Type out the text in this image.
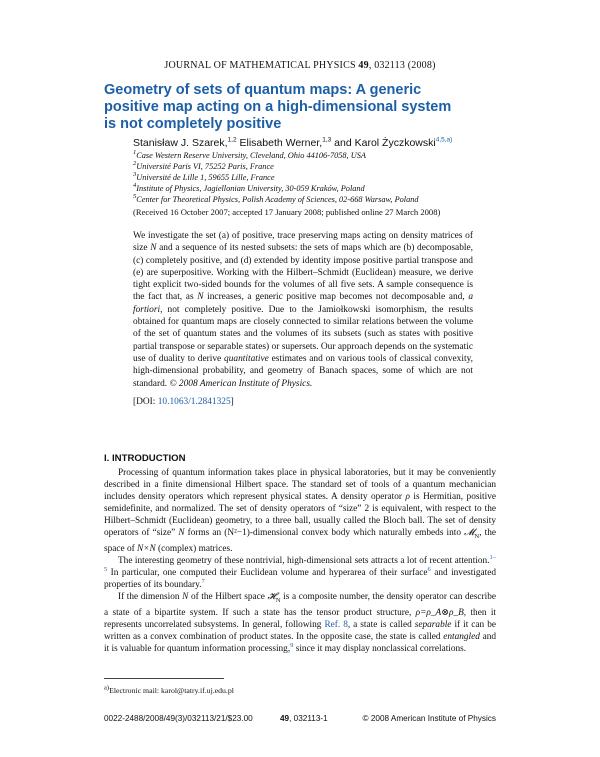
JOURNAL OF MATHEMATICAL PHYSICS 49, 032113 (2008)
Geometry of sets of quantum maps: A generic positive map acting on a high-dimensional system is not completely positive
Stanisław J. Szarek,$^{1,2}$ Elisabeth Werner,$^{1,3}$ and Karol Życzkowski$^{4,5,a)}$
$^1$Case Western Reserve University, Cleveland, Ohio 44106-7058, USA
$^2$Université Paris VI, 75252 Paris, France
$^3$Université de Lille 1, 59655 Lille, France
$^4$Institute of Physics, Jagiellonian University, 30-059 Kraków, Poland
$^5$Center for Theoretical Physics, Polish Academy of Sciences, 02-668 Warsaw, Poland
(Received 16 October 2007; accepted 17 January 2008; published online 27 March 2008)
We investigate the set (a) of positive, trace preserving maps acting on density matrices of size N and a sequence of its nested subsets: the sets of maps which are (b) decomposable, (c) completely positive, and (d) extended by identity impose positive partial transpose and (e) are superpositive. Working with the Hilbert–Schmidt (Euclidean) measure, we derive tight explicit two-sided bounds for the volumes of all five sets. A sample consequence is the fact that, as N increases, a generic positive map becomes not decomposable and, a fortiori, not completely positive. Due to the Jamiołkowski isomorphism, the results obtained for quantum maps are closely connected to similar relations between the volume of the set of quantum states and the volumes of its subsets (such as states with positive partial transpose or separable states) or supersets. Our approach depends on the systematic use of duality to derive quantitative estimates and on various tools of classical convexity, high-dimensional probability, and geometry of Banach spaces, some of which are not standard. © 2008 American Institute of Physics.
[DOI: 10.1063/1.2841325]
I. INTRODUCTION

Processing of quantum information takes place in physical laboratories, but it may be conveniently described in a finite dimensional Hilbert space. The standard set of tools of a quantum mechanician includes density operators which represent physical states. A density operator ρ is Hermitian, positive semidefinite, and normalized. The set of density operators of “size” 2 is equivalent, with respect to the Hilbert–Schmidt (Euclidean) geometry, to a three ball, usually called the Bloch ball. The set of density operators of “size” N forms an (N²−1)-dimensional convex body which naturally embeds into 𝓜$_N$, the space of N×N (complex) matrices.

The interesting geometry of these nontrivial, high-dimensional sets attracts a lot of recent attention.$^{1-5}$ In particular, one computed their Euclidean volume and hyperarea of their surface$^6$ and investigated properties of its boundary.$^7$

If the dimension N of the Hilbert space 𝓗$_N$ is a composite number, the density operator can describe a state of a bipartite system. If such a state has the tensor product structure, ρ=ρ_A⊗ρ_B, then it represents uncorrelated subsystems. In general, following Ref. 8, a state is called separable if it can be written as a convex combination of product states. In the opposite case, the state is called entangled and it is valuable for quantum information processing,$^9$ since it may display nonclassical correlations.

$^{a)}$Electronic mail: karol@tatry.if.uj.edu.pl
0022-2488/2008/49(3)/032113/21/$23.00	49 , 032113-1	© 2008 American Institute of Physics
